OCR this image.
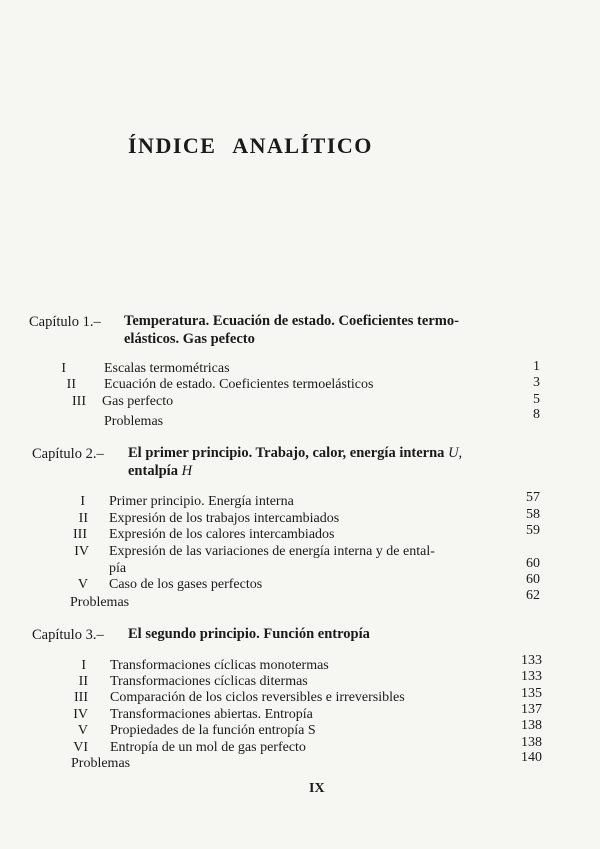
ÍNDICE ANALÍTICO
Capítulo 1.– Temperatura. Ecuación de estado. Coeficientes termo-
elásticos. Gas pefecto
I	Escalas termométricas	1
II Ecuación de estado. Coeficientes termoelásticos	3
III Gas perfecto	5
Problemas	8
Capítulo 2.– El primer principio. Trabajo, calor, energía interna U,
entalpía H
I Primer principio. Energía interna	57
II Expresión de los trabajos intercambiados	58
III Expresión de los calores intercambiados	59
IV Expresión de las variaciones de energía interna y de ental-
pía	60
V Caso de los gases perfectos	60
Problemas	62
Capítulo 3.– El segundo principio. Función entropía
I Transformaciones cíclicas monotermas	133
II Transformaciones cíclicas ditermas	133
III Comparación de los ciclos reversibles e irreversibles	135
IV Transformaciones abiertas. Entropía	137
V Propiedades de la función entropía S	138
VI Entropía de un mol de gas perfecto	138
Problemas	140
IX
